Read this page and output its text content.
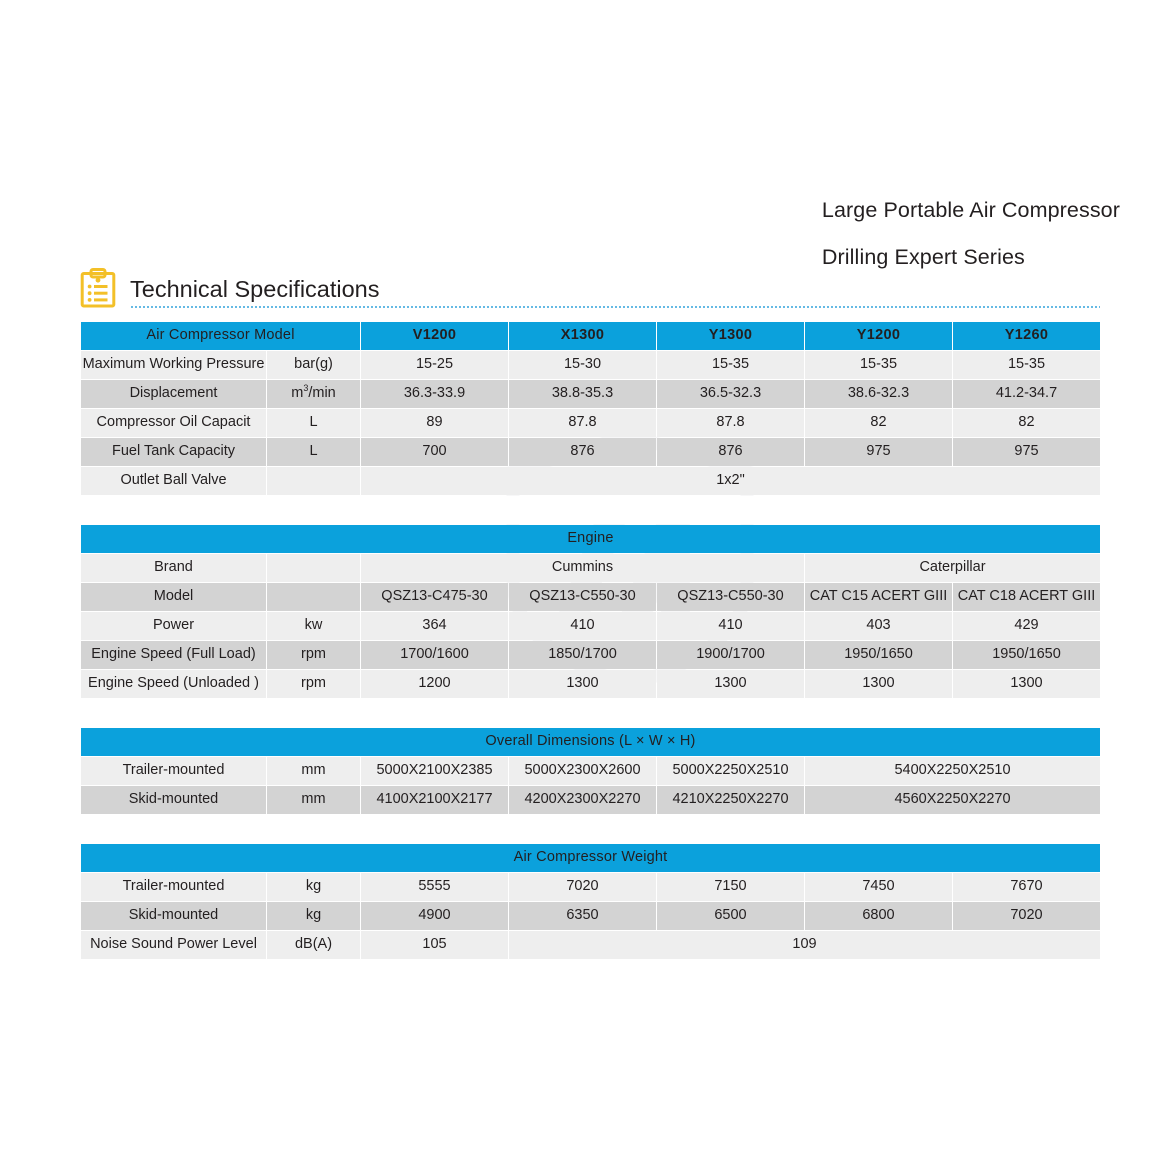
Large Portable Air Compressor
Drilling Expert Series
Technical Specifications
Air Compressor Model		V1200	X1300	Y1300	Y1200	Y1260
Maximum Working Pressure	bar(g)	15-25	15-30	15-35	15-35	15-35
Displacement	$m^3/\min$	36.3-33.9	38.8-35.3	36.5-32.3	38.6-32.3	41.2-34.7
Compressor Oil Capacit	L	89	87.8	87.8	82	82
Fuel Tank Capacity	L	700	876	876	975	975
Outlet Ball Valve		1x2"				

Engine						
Brand		Cummins			Caterpillar	
Model		QSZ13-C475-30	QSZ13-C550-30	QSZ13-C550-30	CAT C15 ACERT GIII	CAT C18 ACERT GIII
Power	kw	364	410	410	403	429
Engine Speed (Full Load)	rpm	1700/1600	1850/1700	1900/1700	1950/1650	1950/1650
Engine Speed (Unloaded )	rpm	1200	1300	1300	1300	1300

Overall Dimensions (L × W × H)						
Trailer-mounted	mm	5000X2100X2385	5000X2300X2600	5000X2250X2510	5400X2250X2510	
Skid-mounted	mm	4100X2100X2177	4200X2300X2270	4210X2250X2270	4560X2250X2270	

Air Compressor Weight						
Trailer-mounted	kg	5555	7020	7150	7450	7670
Skid-mounted	kg	4900	6350	6500	6800	7020
Noise Sound Power Level	dB(A)	105	109			
